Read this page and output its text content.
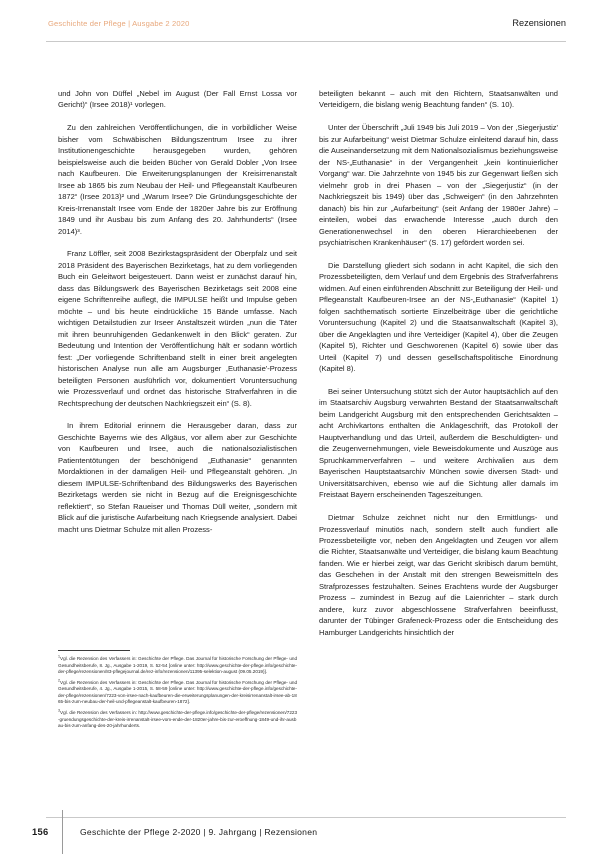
Geschichte der Pflege | Ausgabe 2 2020	Rezensionen

und John von Düffel „Nebel im August (Der Fall Ernst Lossa vor Gericht)“ (Irsee 2018)¹ vorlegen.

Zu den zahlreichen Veröffentlichungen, die in vorbildlicher Weise bisher vom Schwäbischen Bildungszentrum Irsee zu ihrer Institutionengeschichte herausgegeben wurden, gehören beispielsweise auch die beiden Bücher von Gerald Dobler „Von Irsee nach Kaufbeuren. Die Erweiterungsplanungen der Kreisirrenanstalt Irsee ab 1865 bis zum Neubau der Heil- und Pflegeanstalt Kaufbeuren 1872“ (Irsee 2013)² und „Warum Irsee? Die Gründungsgeschichte der Kreis-Irrenanstalt Irsee vom Ende der 1820er Jahre bis zur Eröffnung 1849 und ihr Ausbau bis zum Anfang des 20. Jahrhunderts“ (Irsee 2014)³.

Franz Löffler, seit 2008 Bezirkstagspräsident der Oberpfalz und seit 2018 Präsident des Bayerischen Bezirketags, hat zu dem vorliegenden Buch ein Geleitwort beigesteuert. Dann weist er zunächst darauf hin, dass das Bildungswerk des Bayerischen Bezirketags seit 2008 eine eigene Schriftenreihe auflegt, die IMPULSE heißt und Impulse geben möchte – und bis heute eindrückliche 15 Bände umfasse. Nach wichtigen Detailstudien zur Irseer Anstaltszeit würden „nun die Täter mit ihren beunruhigenden Gedankenwelt in den Blick“ geraten. Zur Bedeutung und Intention der Veröffentlichung hält er sodann wörtlich fest: „Der vorliegende Schriftenband stellt in einer breit angelegten historischen Analyse nun alle am Augsburger ,Euthanasie'-Prozess beteiligten Personen ausführlich vor, dokumentiert Voruntersuchung wie Prozessverlauf und ordnet das historische Strafverfahren in die Rechtsprechung der deutschen Nachkriegszeit ein“ (S. 8).

In ihrem Editorial erinnern die Herausgeber daran, dass zur Geschichte Bayerns wie des Allgäus, vor allem aber zur Geschichte von Kaufbeuren und Irsee, auch die nationalsozialistischen Patiententötungen der beschönigend „Euthanasie“ genannten Mordaktionen in der damaligen Heil- und Pflegeanstalt gehören. „In diesem IMPULSE-Schriftenband des Bildungswerks des Bayerischen Bezirketags werden sie nicht in Bezug auf die Ereignisgeschichte reflektiert“, so Stefan Raueiser und Thomas Düll weiter, „sondern mit Blick auf die juristische Aufarbeitung nach Kriegsende analysiert. Dabei macht uns Dietmar Schulze mit allen Prozess-

beteiligten bekannt – auch mit den Richtern, Staatsanwälten und Verteidigern, die bislang wenig Beachtung fanden“ (S. 10).

Unter der Überschrift „Juli 1949 bis Juli 2019 – Von der ,Siegerjustiz' bis zur Aufarbeitung“ weist Dietmar Schulze einleitend darauf hin, dass die Auseinandersetzung mit dem Nationalsozialismus beziehungsweise der NS-„Euthanasie“ in der Vergangenheit „kein kontinuierlicher Vorgang“ war. Die Jahrzehnte von 1945 bis zur Gegenwart ließen sich vielmehr grob in drei Phasen – von der „Siegerjustiz“ (in der Nachkriegszeit bis 1949) über das „Schweigen“ (in den Jahrzehnten danach) bis hin zur „Aufarbeitung“ (seit Anfang der 1980er Jahre) – einteilen, wobei das erwachende Interesse „auch durch den Generationenwechsel in den oberen Hierarchieebenen der psychiatrischen Krankenhäuser“ (S. 17) gefördert worden sei.

Die Darstellung gliedert sich sodann in acht Kapitel, die sich den Prozessbeteiligten, dem Verlauf und dem Ergebnis des Strafverfahrens widmen. Auf einen einführenden Abschnitt zur Beteiligung der Heil- und Pflegeanstalt Kaufbeuren-Irsee an der NS-„Euthanasie“ (Kapitel 1) folgen sachthematisch sortierte Einzelbeiträge über die gerichtliche Voruntersuchung (Kapitel 2) und die Staatsanwaltschaft (Kapitel 3), über die Angeklagten und ihre Verteidiger (Kapitel 4), über die Zeugen (Kapitel 5), Richter und Geschworenen (Kapitel 6) sowie über das Urteil (Kapitel 7) und dessen gesellschaftspolitische Einordnung (Kapitel 8).

Bei seiner Untersuchung stützt sich der Autor hauptsächlich auf den im Staatsarchiv Augsburg verwahrten Bestand der Staatsanwaltschaft beim Landgericht Augsburg mit den entsprechenden Gerichtsakten – acht Archivkartons enthalten die Anklageschrift, das Protokoll der Hauptverhandlung und das Urteil, außerdem die Beschuldigten- und die Zeugenvernehmungen, viele Beweisdokumente und Auszüge aus Spruchkammerverfahren – und weitere Archivalien aus dem Bayerischen Hauptstaatsarchiv München sowie diversen Stadt- und Universitätsarchiven, ebenso wie auf die Sichtung aller damals im Freistaat Bayern erscheinenden Tageszeitungen.

Dietmar Schulze zeichnet nicht nur den Ermittlungs- und Prozessverlauf minutiös nach, sondern stellt auch fundiert alle Prozessbeteiligte vor, neben den Angeklagten und Zeugen vor allem die Richter, Staatsanwälte und Verteidiger, die bislang kaum Beachtung fanden. Wie er hierbei zeigt, war das Gericht skribisch darum bemüht, das Geschehen in der Anstalt mit den strengen Beweismitteln des Strafprozesses festzuhalten. Seines Erachtens wurde der Augsburger Prozess – zumindest in Bezug auf die Laienrichter – stark durch andere, kurz zuvor abgeschlossene Strafverfahren beeinflusst, darunter der Tübinger Grafeneck-Prozess oder die Entscheidung des Hamburger Landgerichts hinsichtlich der

$^1$Vgl. die Rezension des Verfassers in: Geschichte der Pflege. Das Journal für historische Forschung der Pflege- und Gesundheitsberufe, 8. Jg., Ausgabe 1-2019, S. 52-54 [online unter: http://www.geschichte-der-pflege.info/geschichte-der-pflege/rezensionen/83-pflegejournal.de/rez-info/rezensionen/11395-selektion-august (09.05.2019)].

$^2$Vgl. die Rezension des Verfassers in: Geschichte der Pflege. Das Journal für historische Forschung der Pflege- und Gesundheitsberufe, 4. Jg., Ausgabe 1-2015, S. 58-59 [online unter: http://www.geschichte-der-pflege.info/geschichte-der-pflege/rezensionen/7223-von-irsee-nach-kaufbeuren-die-erweiterungsplanungen-der-kreisirrenanstalt-irsee-ab-1865-bis-zum-neubau-der-heil-und-pflegeanstalt-kaufbeuren-1872].

$^3$Vgl. die Rezension des Verfassers in: http://www.geschichte-der-pflege.info/geschichte-der-pflege/rezensionen/7223-gruendungsgeschichte-der-kreis-irrenanstalt-irsee-vom-ende-der-1820er-jahre-bis-zur-eroeffnung-1849-und-ihr-ausbau-bis-zum-anfang-des-20-jahrhunderts.

156	Geschichte der Pflege 2-2020 | 9. Jahrgang | Rezensionen
